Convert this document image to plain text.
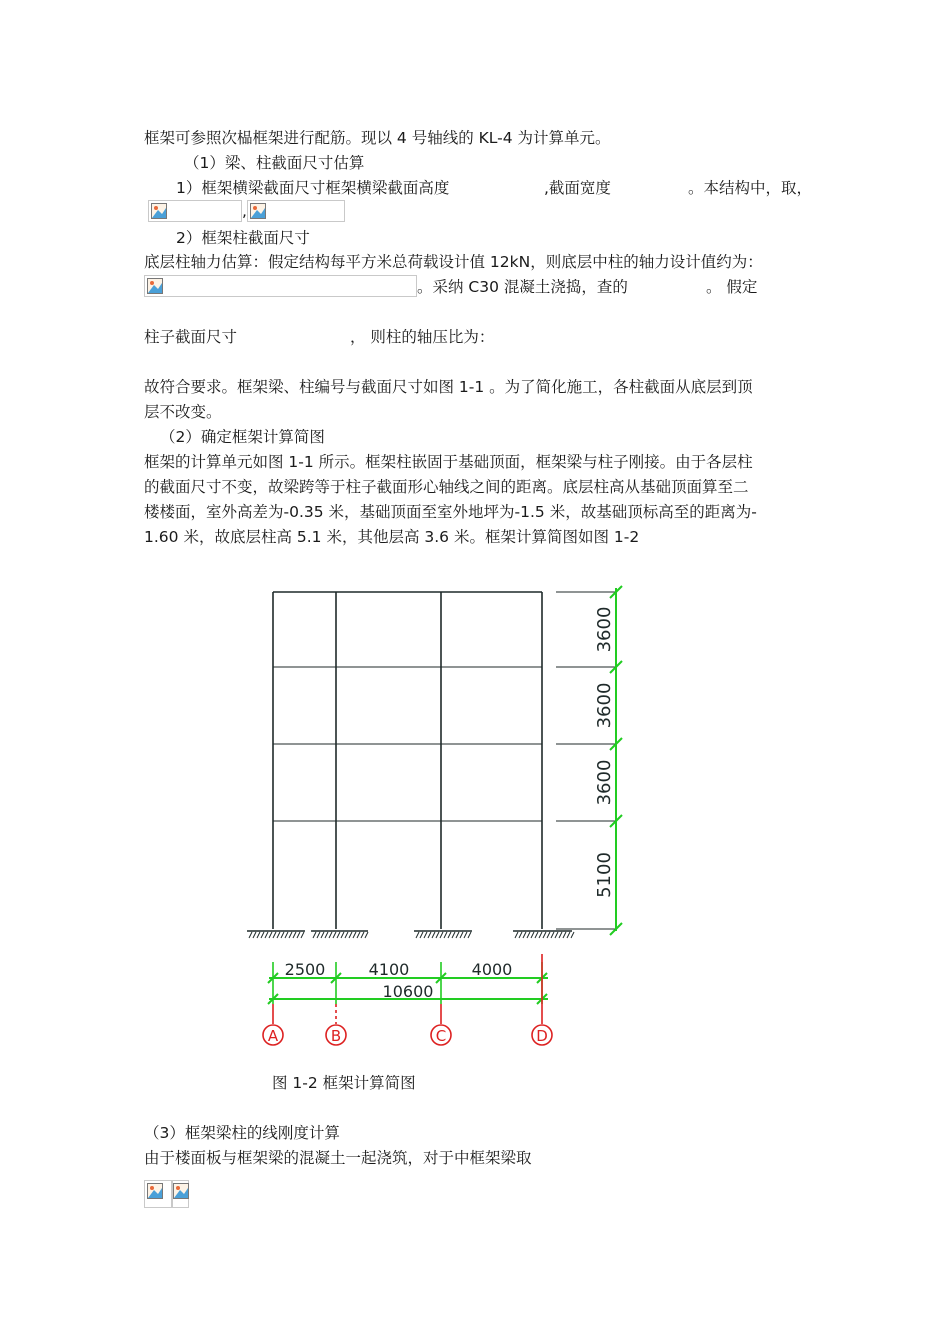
框架可参照次榀框架进行配筋。现以 4 号轴线的 KL-4 为计算单元。
（1）梁、柱截面尺寸估算
1）框架横梁截面尺寸框架横梁截面高度	,截面宽度	。本结构中，取，
,
2）框架柱截面尺寸
底层柱轴力估算：假定结构每平方米总荷载设计值 12kN，则底层中柱的轴力设计值约为：
。采纳 C30 混凝土浇捣，查的	。 假定
柱子截面尺寸	， 则柱的轴压比为：
故符合要求。框架梁、柱编号与截面尺寸如图 1-1 。为了简化施工，各柱截面从底层到顶
层不改变。
（2）确定框架计算简图
框架的计算单元如图 1-1 所示。框架柱嵌固于基础顶面，框架梁与柱子刚接。由于各层柱
的截面尺寸不变，故梁跨等于柱子截面形心轴线之间的距离。底层柱高从基础顶面算至二
楼楼面，室外高差为-0.35 米，基础顶面至室外地坪为-1.5 米，故基础顶标高至的距离为-
1.60 米，故底层柱高 5.1 米，其他层高 3.6 米。框架计算简图如图 1-2
3600
3600
3600
5100
2500	4100	4000
10600
A	B	C	D
图 1-2 框架计算简图
（3）框架梁柱的线刚度计算
由于楼面板与框架梁的混凝土一起浇筑，对于中框架梁取
